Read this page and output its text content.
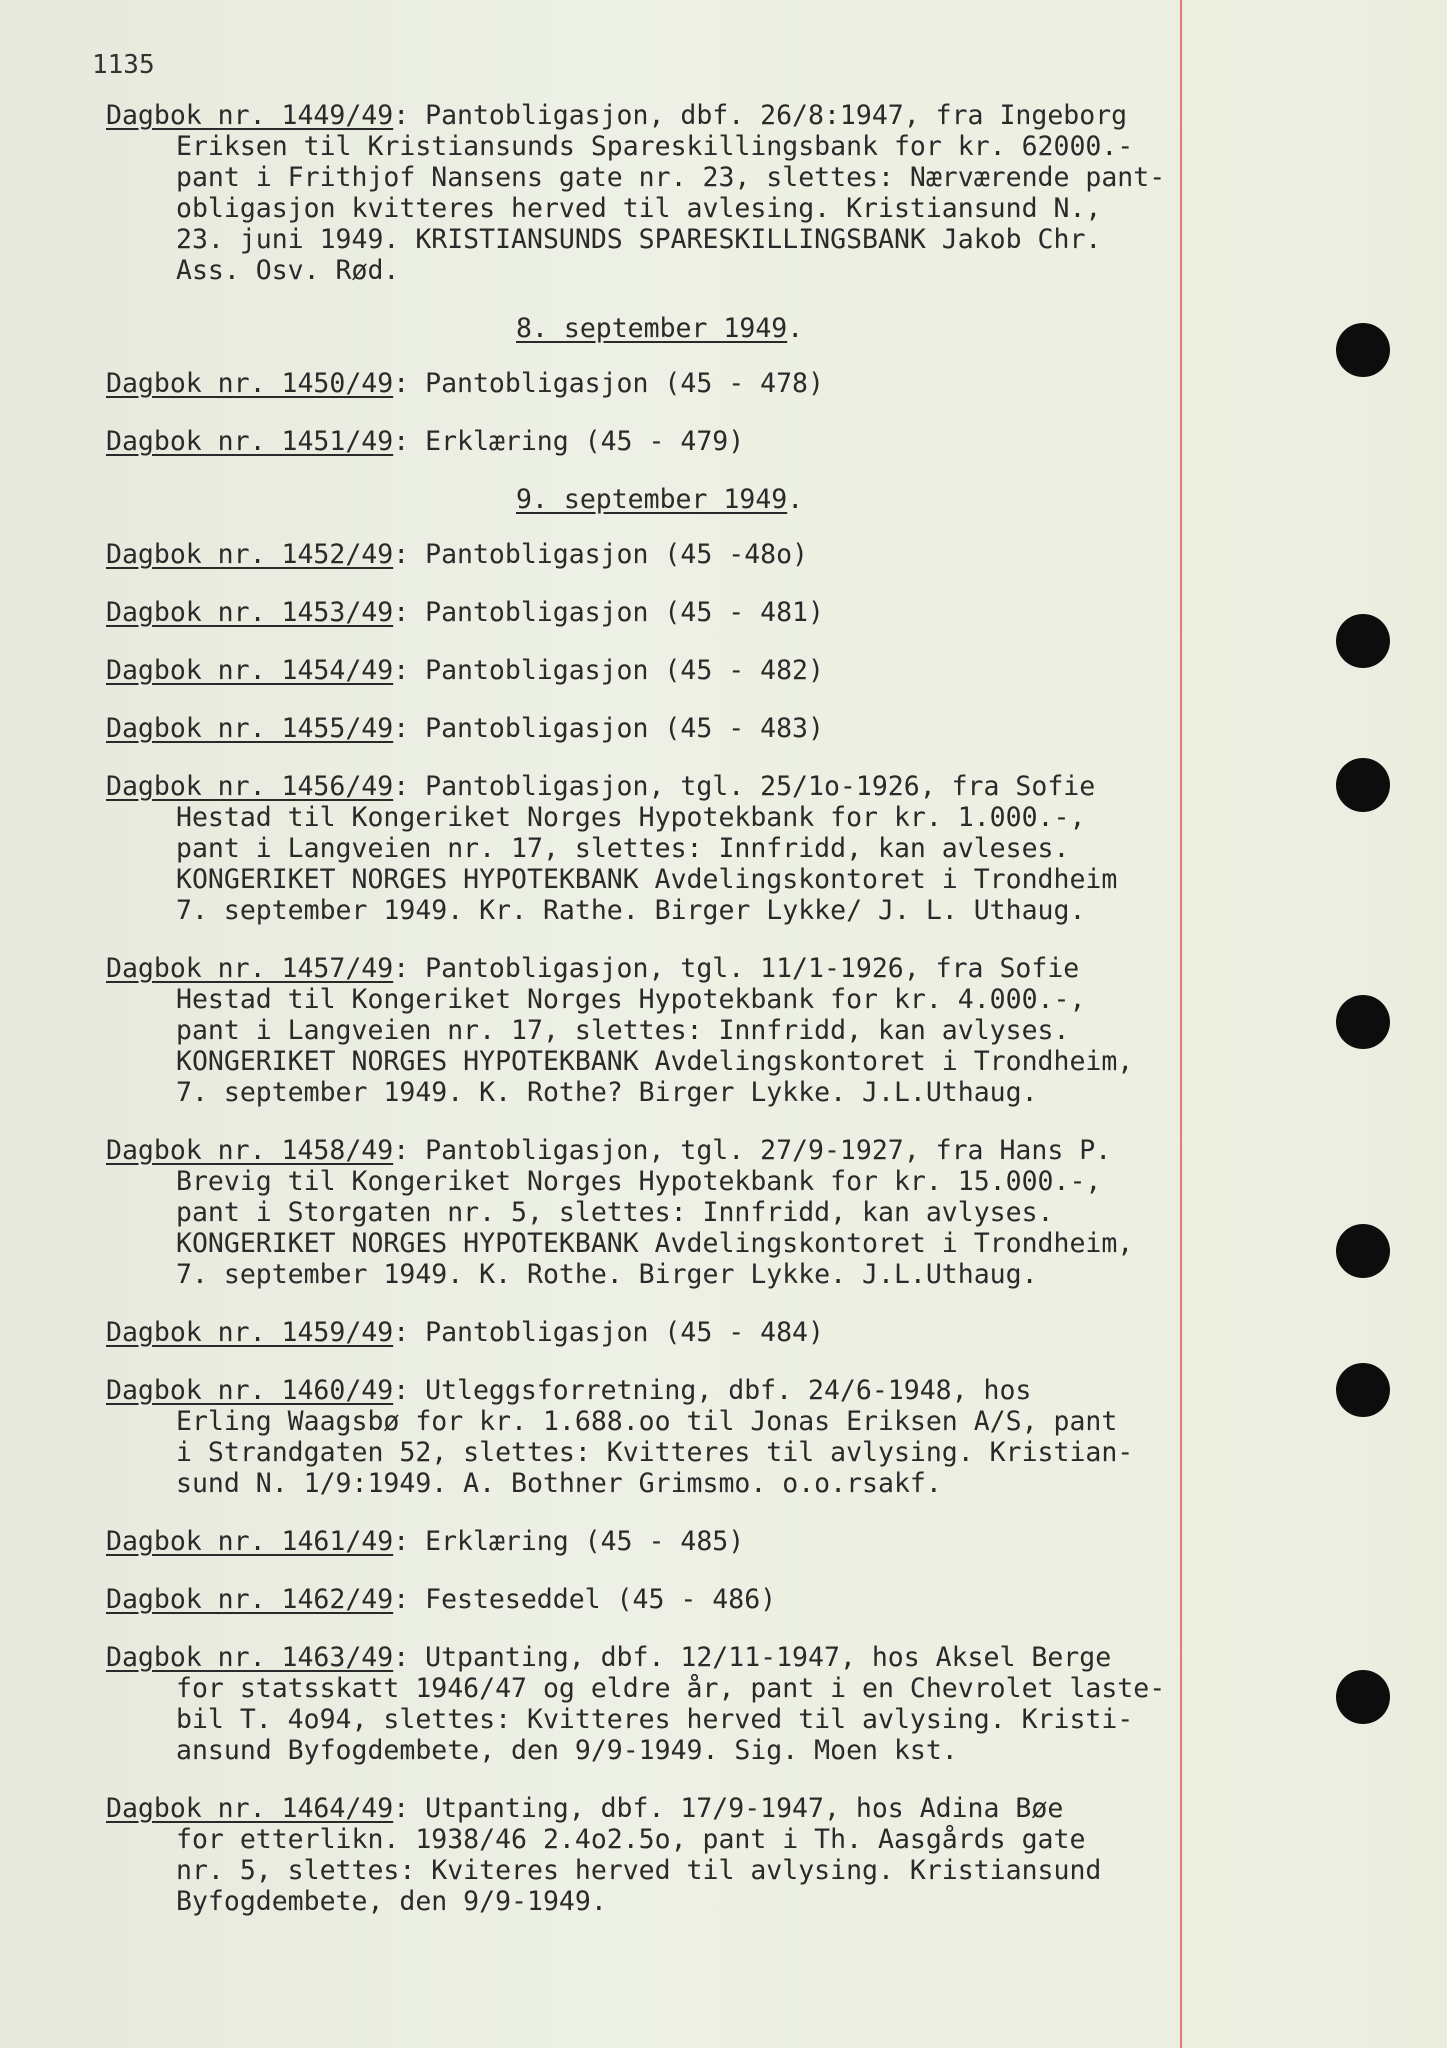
1135
Dagbok nr. 1449/49: Pantobligasjon, dbf. 26/8:1947, fra Ingeborg
Eriksen til Kristiansunds Spareskillingsbank for kr. 62000.-
pant i Frithjof Nansens gate nr. 23, slettes: Nærværende pant-
obligasjon kvitteres herved til avlesing. Kristiansund N.,
23. juni 1949. KRISTIANSUNDS SPARESKILLINGSBANK Jakob Chr.
Ass. Osv. Rød.
8. september 1949.
Dagbok nr. 1450/49: Pantobligasjon (45 - 478)
Dagbok nr. 1451/49: Erklæring (45 - 479)
9. september 1949.
Dagbok nr. 1452/49: Pantobligasjon (45 -48o)
Dagbok nr. 1453/49: Pantobligasjon (45 - 481)
Dagbok nr. 1454/49: Pantobligasjon (45 - 482)
Dagbok nr. 1455/49: Pantobligasjon (45 - 483)
Dagbok nr. 1456/49: Pantobligasjon, tgl. 25/1o-1926, fra Sofie
Hestad til Kongeriket Norges Hypotekbank for kr. 1.000.-,
pant i Langveien nr. 17, slettes: Innfridd, kan avleses.
KONGERIKET NORGES HYPOTEKBANK Avdelingskontoret i Trondheim
7. september 1949. Kr. Rathe. Birger Lykke/ J. L. Uthaug.
Dagbok nr. 1457/49: Pantobligasjon, tgl. 11/1-1926, fra Sofie
Hestad til Kongeriket Norges Hypotekbank for kr. 4.000.-,
pant i Langveien nr. 17, slettes: Innfridd, kan avlyses.
KONGERIKET NORGES HYPOTEKBANK Avdelingskontoret i Trondheim,
7. september 1949. K. Rothe? Birger Lykke. J.L.Uthaug.
Dagbok nr. 1458/49: Pantobligasjon, tgl. 27/9-1927, fra Hans P.
Brevig til Kongeriket Norges Hypotekbank for kr. 15.000.-,
pant i Storgaten nr. 5, slettes: Innfridd, kan avlyses.
KONGERIKET NORGES HYPOTEKBANK Avdelingskontoret i Trondheim,
7. september 1949. K. Rothe. Birger Lykke. J.L.Uthaug.
Dagbok nr. 1459/49: Pantobligasjon (45 - 484)
Dagbok nr. 1460/49: Utleggsforretning, dbf. 24/6-1948, hos
Erling Waagsbø for kr. 1.688.oo til Jonas Eriksen A/S, pant
i Strandgaten 52, slettes: Kvitteres til avlysing. Kristian-
sund N. 1/9:1949. A. Bothner Grimsmo. o.o.rsakf.
Dagbok nr. 1461/49: Erklæring (45 - 485)
Dagbok nr. 1462/49: Festeseddel (45 - 486)
Dagbok nr. 1463/49: Utpanting, dbf. 12/11-1947, hos Aksel Berge
for statsskatt 1946/47 og eldre år, pant i en Chevrolet laste-
bil T. 4o94, slettes: Kvitteres herved til avlysing. Kristi-
ansund Byfogdembete, den 9/9-1949. Sig. Moen kst.
Dagbok nr. 1464/49: Utpanting, dbf. 17/9-1947, hos Adina Bøe
for etterlikn. 1938/46 2.4o2.5o, pant i Th. Aasgårds gate
nr. 5, slettes: Kviteres herved til avlysing. Kristiansund
Byfogdembete, den 9/9-1949.
